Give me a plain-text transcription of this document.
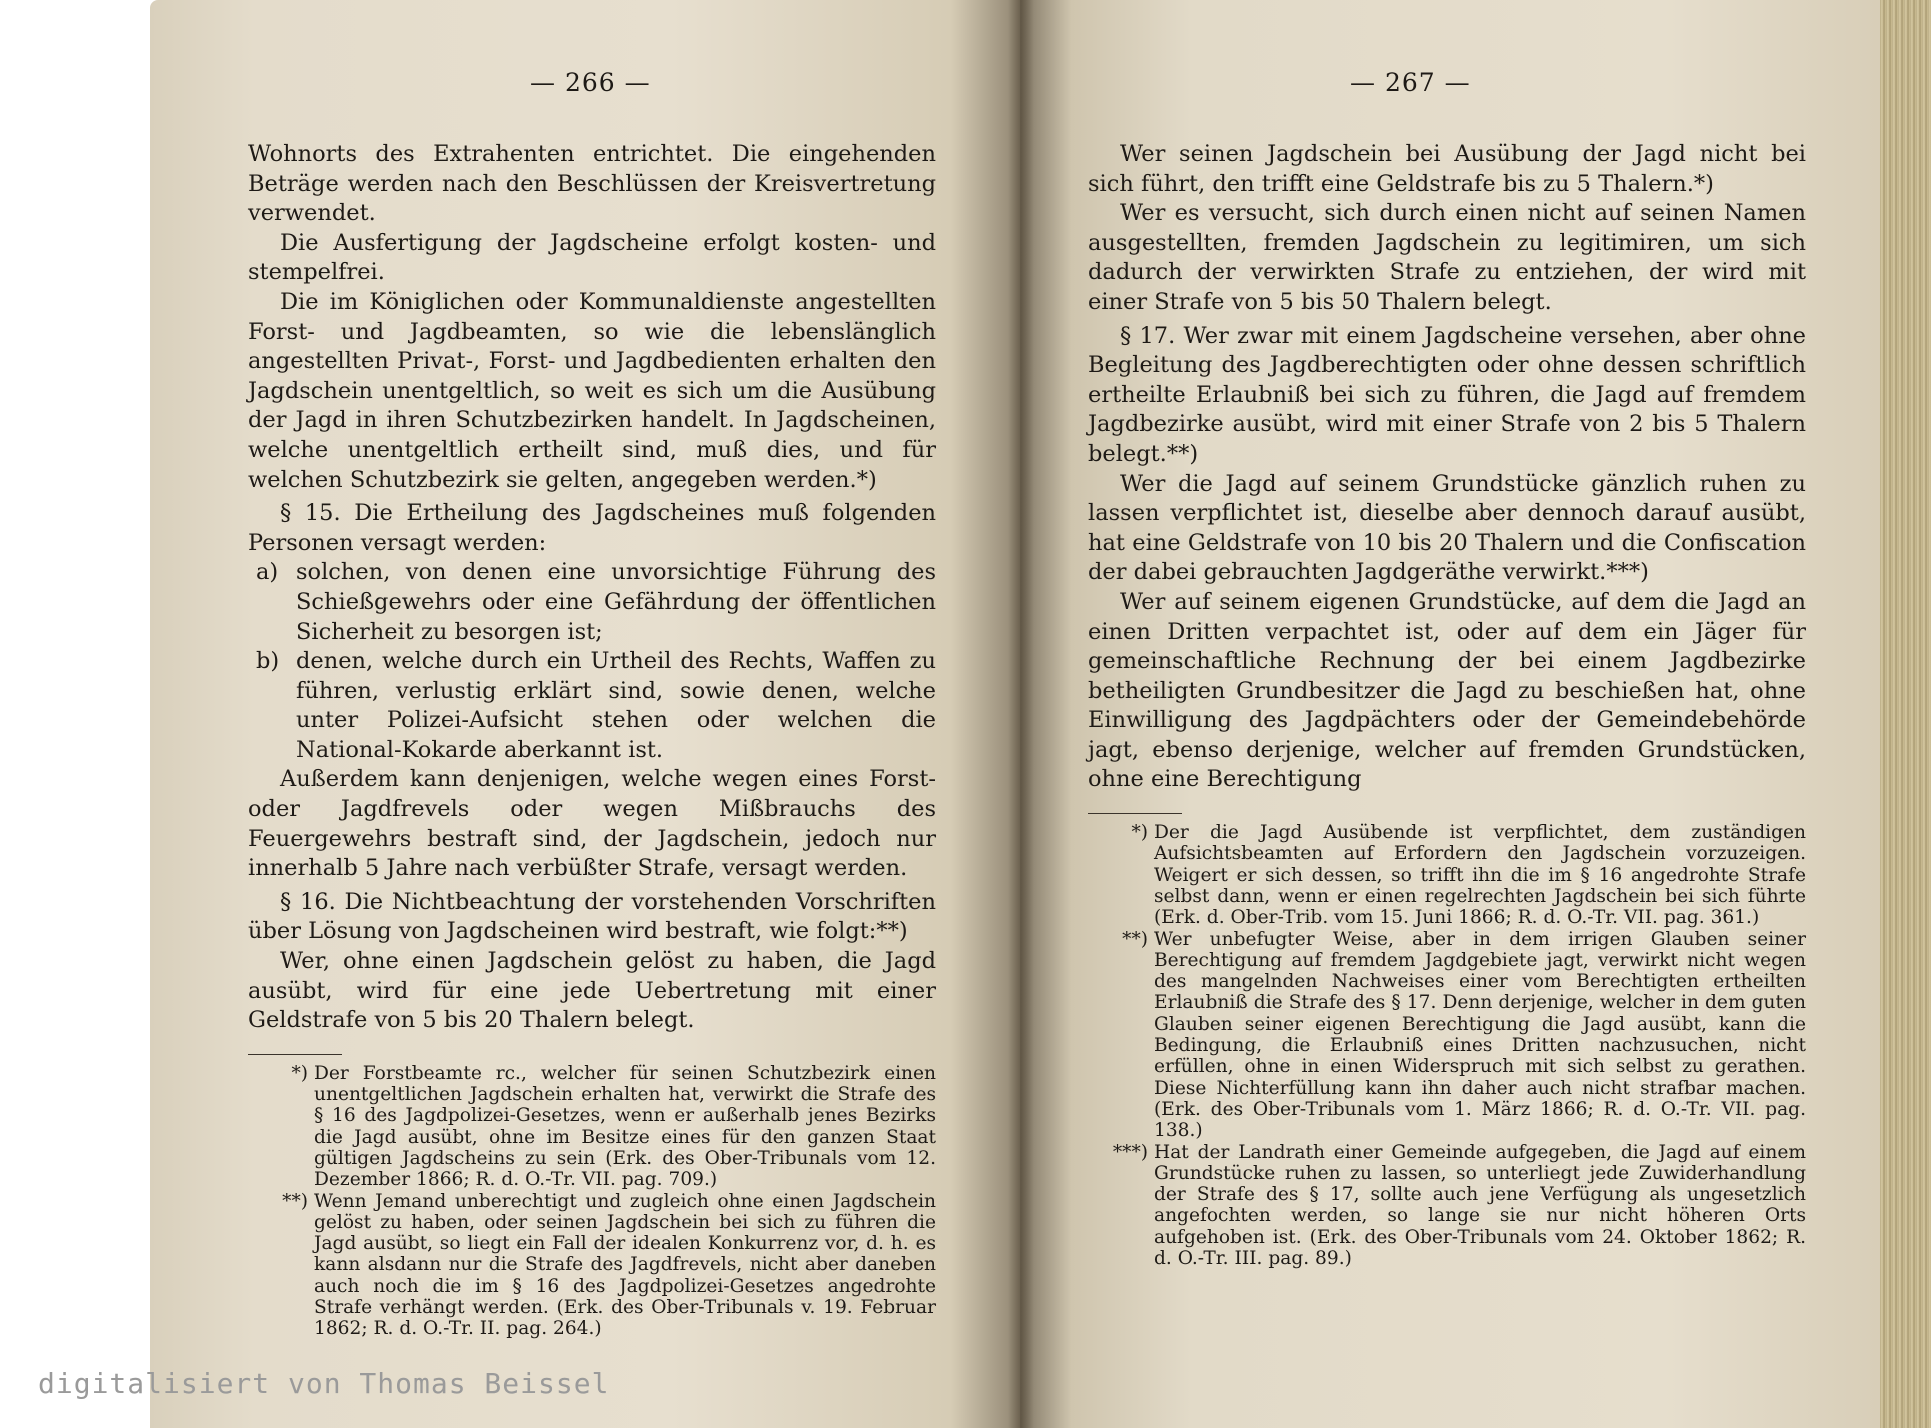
— 266 —

Wohnorts des Extrahenten entrichtet. Die eingehenden Beträge werden nach den Beschlüssen der Kreisvertretung verwendet.

Die Ausfertigung der Jagdscheine erfolgt kosten- und stempelfrei.

Die im Königlichen oder Kommunaldienste angestellten Forst- und Jagdbeamten, so wie die lebenslänglich angestellten Privat-, Forst- und Jagdbedienten erhalten den Jagdschein unentgeltlich, so weit es sich um die Ausübung der Jagd in ihren Schutzbezirken handelt. In Jagdscheinen, welche unentgeltlich ertheilt sind, muß dies, und für welchen Schutzbezirk sie gelten, angegeben werden.*)

§ 15. Die Ertheilung des Jagdscheines muß folgenden Personen versagt werden:

a) solchen, von denen eine unvorsichtige Führung des Schießgewehrs oder eine Gefährdung der öffentlichen Sicherheit zu besorgen ist;
b) denen, welche durch ein Urtheil des Rechts, Waffen zu führen, verlustig erklärt sind, sowie denen, welche unter Polizei-Aufsicht stehen oder welchen die National-Kokarde aberkannt ist.

Außerdem kann denjenigen, welche wegen eines Forst- oder Jagdfrevels oder wegen Mißbrauchs des Feuergewehrs bestraft sind, der Jagdschein, jedoch nur innerhalb 5 Jahre nach verbüßter Strafe, versagt werden.

§ 16. Die Nichtbeachtung der vorstehenden Vorschriften über Lösung von Jagdscheinen wird bestraft, wie folgt:**)

Wer, ohne einen Jagdschein gelöst zu haben, die Jagd ausübt, wird für eine jede Uebertretung mit einer Geldstrafe von 5 bis 20 Thalern belegt.

*) Der Forstbeamte rc., welcher für seinen Schutzbezirk einen unentgeltlichen Jagdschein erhalten hat, verwirkt die Strafe des § 16 des Jagdpolizei-Gesetzes, wenn er außerhalb jenes Bezirks die Jagd ausübt, ohne im Besitze eines für den ganzen Staat gültigen Jagdscheins zu sein (Erk. des Ober-Tribunals vom 12. Dezember 1866; R. d. O.-Tr. VII. pag. 709.)

**) Wenn Jemand unberechtigt und zugleich ohne einen Jagdschein gelöst zu haben, oder seinen Jagdschein bei sich zu führen die Jagd ausübt, so liegt ein Fall der idealen Konkurrenz vor, d. h. es kann alsdann nur die Strafe des Jagdfrevels, nicht aber daneben auch noch die im § 16 des Jagdpolizei-Gesetzes angedrohte Strafe verhängt werden. (Erk. des Ober-Tribunals v. 19. Februar 1862; R. d. O.-Tr. II. pag. 264.)

— 267 —

Wer seinen Jagdschein bei Ausübung der Jagd nicht bei sich führt, den trifft eine Geldstrafe bis zu 5 Thalern.*)

Wer es versucht, sich durch einen nicht auf seinen Namen ausgestellten, fremden Jagdschein zu legitimiren, um sich dadurch der verwirkten Strafe zu entziehen, der wird mit einer Strafe von 5 bis 50 Thalern belegt.

§ 17. Wer zwar mit einem Jagdscheine versehen, aber ohne Begleitung des Jagdberechtigten oder ohne dessen schriftlich ertheilte Erlaubniß bei sich zu führen, die Jagd auf fremdem Jagdbezirke ausübt, wird mit einer Strafe von 2 bis 5 Thalern belegt.**)

Wer die Jagd auf seinem Grundstücke gänzlich ruhen zu lassen verpflichtet ist, dieselbe aber dennoch darauf ausübt, hat eine Geldstrafe von 10 bis 20 Thalern und die Confiscation der dabei gebrauchten Jagdgeräthe verwirkt.***)

Wer auf seinem eigenen Grundstücke, auf dem die Jagd an einen Dritten verpachtet ist, oder auf dem ein Jäger für gemeinschaftliche Rechnung der bei einem Jagdbezirke betheiligten Grundbesitzer die Jagd zu beschießen hat, ohne Einwilligung des Jagdpächters oder der Gemeindebehörde jagt, ebenso derjenige, welcher auf fremden Grundstücken, ohne eine Berechtigung

*) Der die Jagd Ausübende ist verpflichtet, dem zuständigen Aufsichtsbeamten auf Erfordern den Jagdschein vorzuzeigen. Weigert er sich dessen, so trifft ihn die im § 16 angedrohte Strafe selbst dann, wenn er einen regelrechten Jagdschein bei sich führte (Erk. d. Ober-Trib. vom 15. Juni 1866; R. d. O.-Tr. VII. pag. 361.)

**) Wer unbefugter Weise, aber in dem irrigen Glauben seiner Berechtigung auf fremdem Jagdgebiete jagt, verwirkt nicht wegen des mangelnden Nachweises einer vom Berechtigten ertheilten Erlaubniß die Strafe des § 17. Denn derjenige, welcher in dem guten Glauben seiner eigenen Berechtigung die Jagd ausübt, kann die Bedingung, die Erlaubniß eines Dritten nachzusuchen, nicht erfüllen, ohne in einen Widerspruch mit sich selbst zu gerathen. Diese Nichterfüllung kann ihn daher auch nicht strafbar machen. (Erk. des Ober-Tribunals vom 1. März 1866; R. d. O.-Tr. VII. pag. 138.)

***) Hat der Landrath einer Gemeinde aufgegeben, die Jagd auf einem Grundstücke ruhen zu lassen, so unterliegt jede Zuwiderhandlung der Strafe des § 17, sollte auch jene Verfügung als ungesetzlich angefochten werden, so lange sie nur nicht höheren Orts aufgehoben ist. (Erk. des Ober-Tribunals vom 24. Oktober 1862; R. d. O.-Tr. III. pag. 89.)

digitalisiert von Thomas Beissel
